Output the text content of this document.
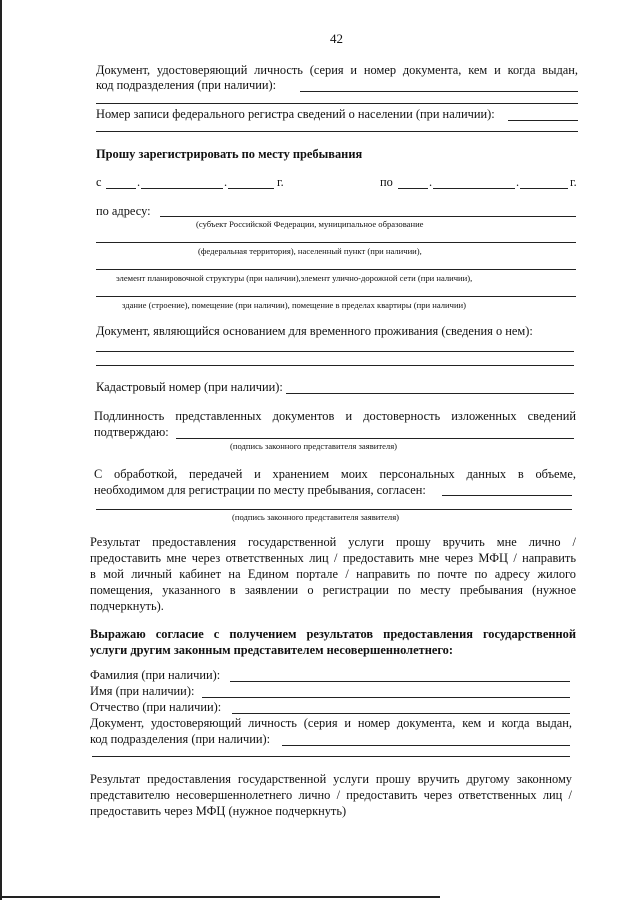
42
Документ, удостоверяющий личность (серия и номер документа, кем и когда выдан,
код подразделения (при наличии):
Номер записи федерального регистра сведений о населении (при наличии):
Прошу зарегистрировать по месту пребывания
с	.	.	г.	по	.	.	г.
по адресу:
(субъект Российской Федерации, муниципальное образование
(федеральная территория), населенный пункт (при наличии),
элемент планировочной структуры (при наличии),элемент улично-дорожной сети (при наличии),
здание (строение), помещение (при наличии), помещение в пределах квартиры (при наличии)
Документ, являющийся основанием для временного проживания (сведения о нем):
Кадастровый номер (при наличии):
Подлинность представленных документов и достоверность изложенных сведений
подтверждаю:
(подпись законного представителя заявителя)
С обработкой, передачей и хранением моих персональных данных в объеме,
необходимом для регистрации по месту пребывания, согласен:
(подпись законного представителя заявителя)
Результат предоставления государственной услуги прошу вручить мне лично /
предоставить мне через ответственных лиц / предоставить мне через МФЦ / направить
в мой личный кабинет на Едином портале / направить по почте по адресу жилого
помещения, указанного в заявлении о регистрации по месту пребывания (нужное
подчеркнуть).
Выражаю согласие с получением результатов предоставления государственной
услуги другим законным представителем несовершеннолетнего:
Фамилия (при наличии):
Имя (при наличии):
Отчество (при наличии):
Документ, удостоверяющий личность (серия и номер документа, кем и когда выдан,
код подразделения (при наличии):
Результат предоставления государственной услуги прошу вручить другому законному
представителю несовершеннолетнего лично / предоставить через ответственных лиц /
предоставить через МФЦ (нужное подчеркнуть)
